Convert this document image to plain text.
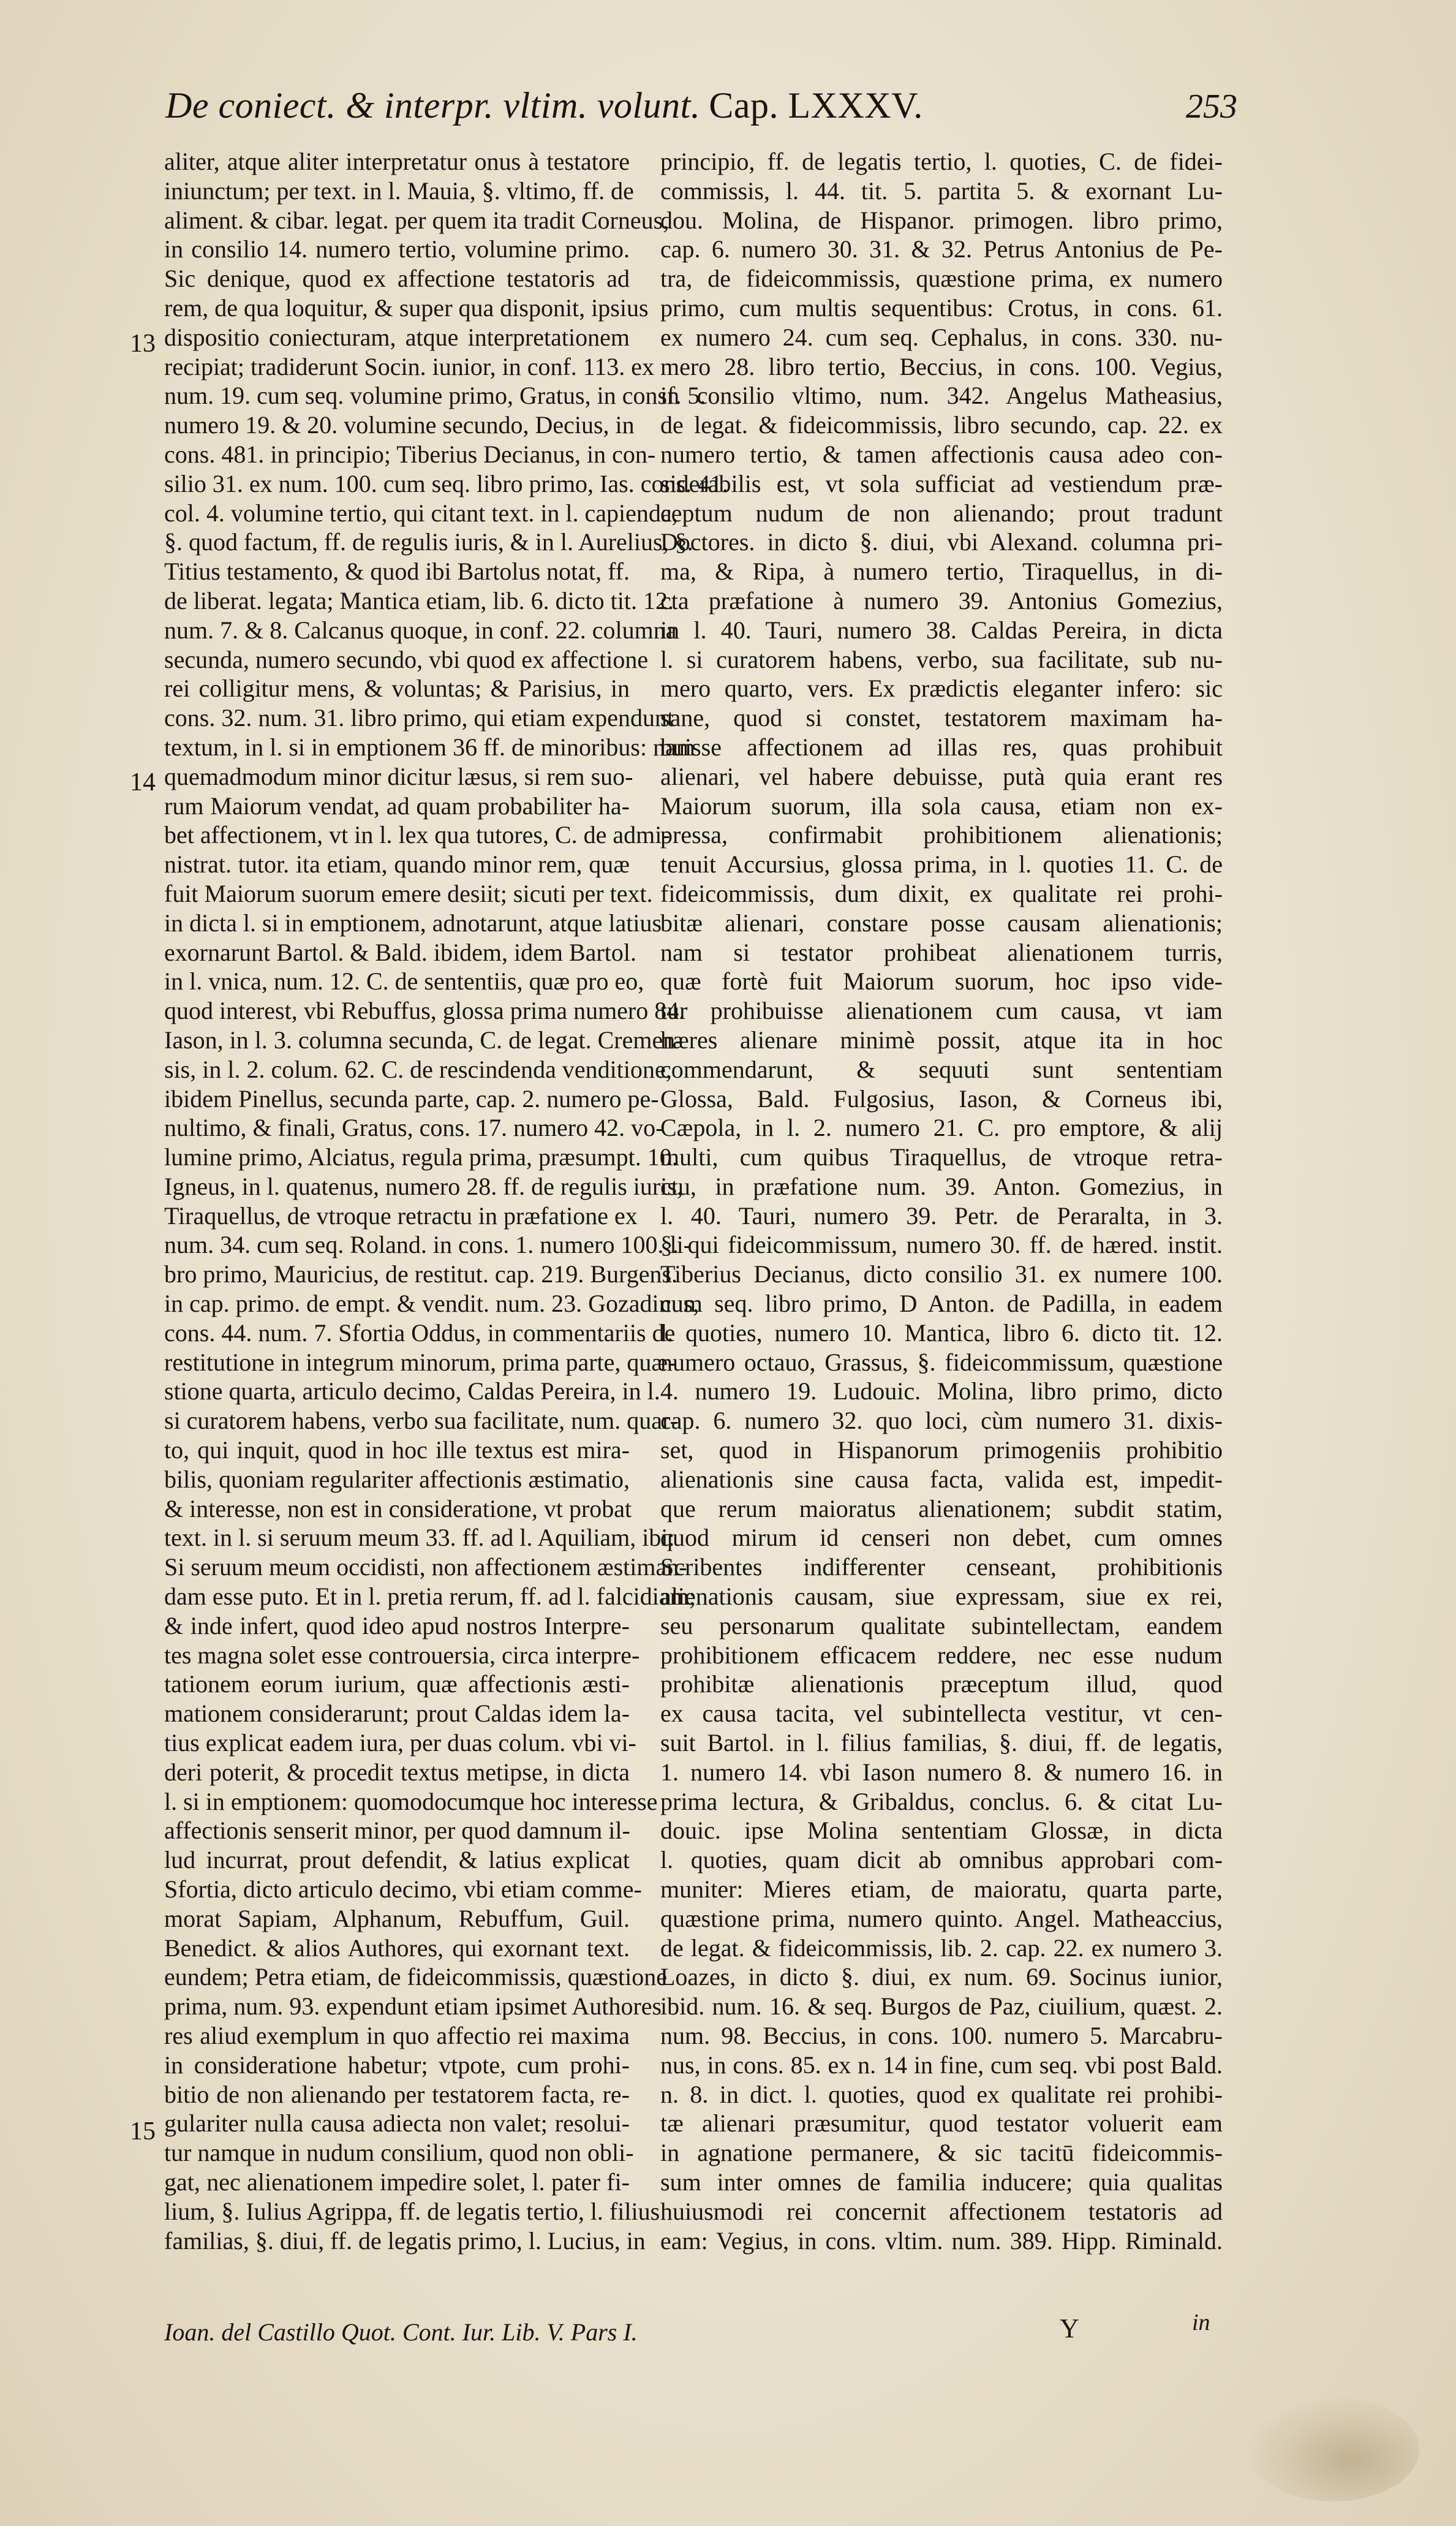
De coniect. & interpr. vltim. volunt. Cap. LXXXV.	253
13
14
15
aliter, atque aliter interpretatur onus à testatore
iniunctum; per text. in l. Mauia, §. vltimo, ff. de
aliment. & cibar. legat. per quem ita tradit Corneus,
in consilio 14. numero tertio, volumine primo.
Sic denique, quod ex affectione testatoris ad
rem, de qua loquitur, & super qua disponit, ipsius
dispositio coniecturam, atque interpretationem
recipiat; tradiderunt Socin. iunior, in conf. 113. ex
num. 19. cum seq. volumine primo, Gratus, in consf. 5.
numero 19. & 20. volumine secundo, Decius, in
cons. 481. in principio; Tiberius Decianus, in con-
silio 31. ex num. 100. cum seq. libro primo, Ias. cons. 41.
col. 4. volumine tertio, qui citant text. in l. capienda,
§. quod factum, ff. de regulis iuris, & in l. Aurelius, §.
Titius testamento, & quod ibi Bartolus notat, ff.
de liberat. legata; Mantica etiam, lib. 6. dicto tit. 12.
num. 7. & 8. Calcanus quoque, in conf. 22. columna
secunda, numero secundo, vbi quod ex affectione
rei colligitur mens, & voluntas; & Parisius, in
cons. 32. num. 31. libro primo, qui etiam expendunt
textum, in l. si in emptionem 36 ff. de minoribus: nam
quemadmodum minor dicitur læsus, si rem suo-
rum Maiorum vendat, ad quam probabiliter ha-
bet affectionem, vt in l. lex qua tutores, C. de admi-
nistrat. tutor. ita etiam, quando minor rem, quæ
fuit Maiorum suorum emere desiit; sicuti per text.
in dicta l. si in emptionem, adnotarunt, atque latius
exornarunt Bartol. & Bald. ibidem, idem Bartol.
in l. vnica, num. 12. C. de sententiis, quæ pro eo,
quod interest, vbi Rebuffus, glossa prima numero 84.
Iason, in l. 3. columna secunda, C. de legat. Cremen-
sis, in l. 2. colum. 62. C. de rescindenda venditione,
ibidem Pinellus, secunda parte, cap. 2. numero pe-
nultimo, & finali, Gratus, cons. 17. numero 42. vo-
lumine primo, Alciatus, regula prima, præsumpt. 10.
Igneus, in l. quatenus, numero 28. ff. de regulis iuris,
Tiraquellus, de vtroque retractu in præfatione ex
num. 34. cum seq. Roland. in cons. 1. numero 100. li-
bro primo, Mauricius, de restitut. cap. 219. Burgens.
in cap. primo. de empt. & vendit. num. 23. Gozadinus,
cons. 44. num. 7. Sfortia Oddus, in commentariis de
restitutione in integrum minorum, prima parte, quæ-
stione quarta, articulo decimo, Caldas Pereira, in l.
si curatorem habens, verbo sua facilitate, num. quar-
to, qui inquit, quod in hoc ille textus est mira-
bilis, quoniam regulariter affectionis æstimatio,
& interesse, non est in consideratione, vt probat
text. in l. si seruum meum 33. ff. ad l. Aquiliam, ibi:
Si seruum meum occidisti, non affectionem æstiman-
dam esse puto. Et in l. pretia rerum, ff. ad l. falcidiam;
& inde infert, quod ideo apud nostros Interpre-
tes magna solet esse controuersia, circa interpre-
tationem eorum iurium, quæ affectionis æsti-
mationem considerarunt; prout Caldas idem la-
tius explicat eadem iura, per duas colum. vbi vi-
deri poterit, & procedit textus metipse, in dicta
l. si in emptionem: quomodocumque hoc interesse
affectionis senserit minor, per quod damnum il-
lud incurrat, prout defendit, & latius explicat
Sfortia, dicto articulo decimo, vbi etiam comme-
morat Sapiam, Alphanum, Rebuffum, Guil.
Benedict. & alios Authores, qui exornant text.
eundem; Petra etiam, de fideicommissis, quæstione
prima, num. 93. expendunt etiam ipsimet Authores
res aliud exemplum in quo affectio rei maxima
in consideratione habetur; vtpote, cum prohi-
bitio de non alienando per testatorem facta, re-
gulariter nulla causa adiecta non valet; resolui-
tur namque in nudum consilium, quod non obli-
gat, nec alienationem impedire solet, l. pater fi-
lium, §. Iulius Agrippa, ff. de legatis tertio, l. filius
familias, §. diui, ff. de legatis primo, l. Lucius, in
principio, ff. de legatis tertio, l. quoties, C. de fidei-
commissis, l. 44. tit. 5. partita 5. & exornant Lu-
dou. Molina, de Hispanor. primogen. libro primo,
cap. 6. numero 30. 31. & 32. Petrus Antonius de Pe-
tra, de fideicommissis, quæstione prima, ex numero
primo, cum multis sequentibus: Crotus, in cons. 61.
ex numero 24. cum seq. Cephalus, in cons. 330. nu-
mero 28. libro tertio, Beccius, in cons. 100. Vegius,
in consilio vltimo, num. 342. Angelus Matheasius,
de legat. & fideicommissis, libro secundo, cap. 22. ex
numero tertio, & tamen affectionis causa adeo con-
siderabilis est, vt sola sufficiat ad vestiendum præ-
ceptum nudum de non alienando; prout tradunt
Doctores. in dicto §. diui, vbi Alexand. columna pri-
ma, & Ripa, à numero tertio, Tiraquellus, in di-
cta præfatione à numero 39. Antonius Gomezius,
in l. 40. Tauri, numero 38. Caldas Pereira, in dicta
l. si curatorem habens, verbo, sua facilitate, sub nu-
mero quarto, vers. Ex prædictis eleganter infero: sic
sane, quod si constet, testatorem maximam ha-
buisse affectionem ad illas res, quas prohibuit
alienari, vel habere debuisse, putà quia erant res
Maiorum suorum, illa sola causa, etiam non ex-
pressa, confirmabit prohibitionem alienationis;
tenuit Accursius, glossa prima, in l. quoties 11. C. de
fideicommissis, dum dixit, ex qualitate rei prohi-
bitæ alienari, constare posse causam alienationis;
nam si testator prohibeat alienationem turris,
quæ fortè fuit Maiorum suorum, hoc ipso vide-
tur prohibuisse alienationem cum causa, vt iam
hæres alienare minimè possit, atque ita in hoc
commendarunt, & sequuti sunt sententiam
Glossa, Bald. Fulgosius, Iason, & Corneus ibi,
Cæpola, in l. 2. numero 21. C. pro emptore, & alij
multi, cum quibus Tiraquellus, de vtroque retra-
ctu, in præfatione num. 39. Anton. Gomezius, in
l. 40. Tauri, numero 39. Petr. de Peraralta, in 3.
§. qui fideicommissum, numero 30. ff. de hæred. instit.
Tiberius Decianus, dicto consilio 31. ex numere 100.
cum seq. libro primo, D Anton. de Padilla, in eadem
l. quoties, numero 10. Mantica, libro 6. dicto tit. 12.
numero octauo, Grassus, §. fideicommissum, quæstione
4. numero 19. Ludouic. Molina, libro primo, dicto
cap. 6. numero 32. quo loci, cùm numero 31. dixis-
set, quod in Hispanorum primogeniis prohibitio
alienationis sine causa facta, valida est, impedit-
que rerum maioratus alienationem; subdit statim,
quod mirum id censeri non debet, cum omnes
Scribentes indifferenter censeant, prohibitionis
alienationis causam, siue expressam, siue ex rei,
seu personarum qualitate subintellectam, eandem
prohibitionem efficacem reddere, nec esse nudum
prohibitæ alienationis præceptum illud, quod
ex causa tacita, vel subintellecta vestitur, vt cen-
suit Bartol. in l. filius familias, §. diui, ff. de legatis,
1. numero 14. vbi Iason numero 8. & numero 16. in
prima lectura, & Gribaldus, conclus. 6. & citat Lu-
douic. ipse Molina sententiam Glossæ, in dicta
l. quoties, quam dicit ab omnibus approbari com-
muniter: Mieres etiam, de maioratu, quarta parte,
quæstione prima, numero quinto. Angel. Matheaccius,
de legat. & fideicommissis, lib. 2. cap. 22. ex numero 3.
Loazes, in dicto §. diui, ex num. 69. Socinus iunior,
ibid. num. 16. & seq. Burgos de Paz, ciuilium, quæst. 2.
num. 98. Beccius, in cons. 100. numero 5. Marcabru-
nus, in cons. 85. ex n. 14 in fine, cum seq. vbi post Bald.
n. 8. in dict. l. quoties, quod ex qualitate rei prohibi-
tæ alienari præsumitur, quod testator voluerit eam
in agnatione permanere, & sic tacitū fideicommis-
sum inter omnes de familia inducere; quia qualitas
huiusmodi rei concernit affectionem testatoris ad
eam: Vegius, in cons. vltim. num. 389. Hipp. Riminald.
Ioan. del Castillo Quot. Cont. Iur. Lib. V. Pars I.	Y	in
